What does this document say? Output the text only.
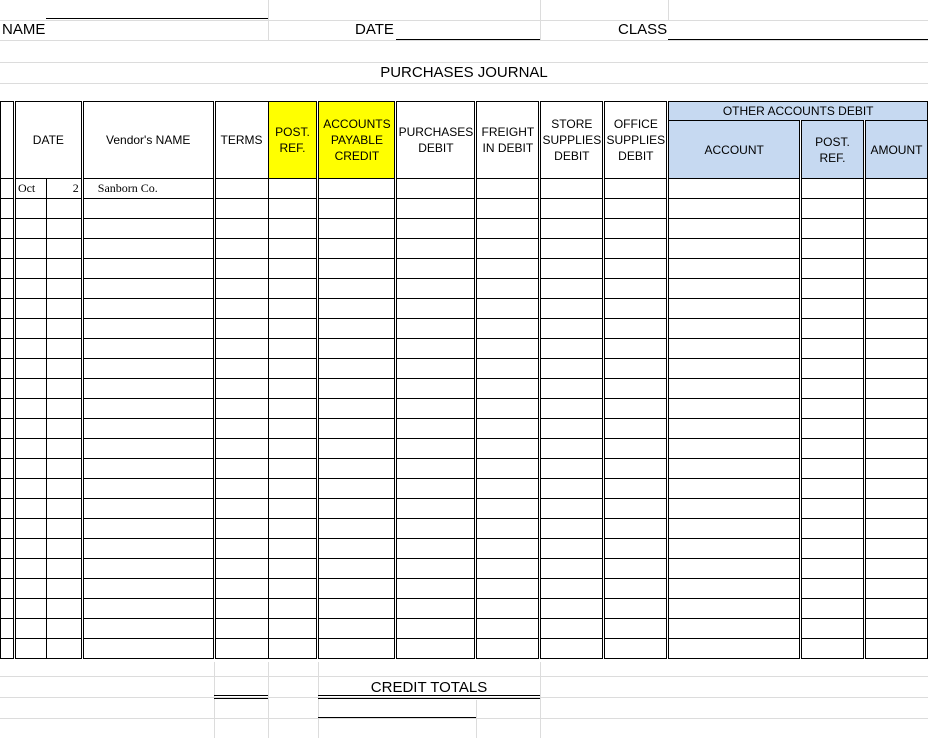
NAME	DATE	CLASS
PURCHASES JOURNAL
	DATE		Vendor's NAME	TERMS	POST. REF.	ACCOUNTS PAYABLE CREDIT	PURCHASES DEBIT	FREIGHT IN DEBIT	STORE SUPPLIES DEBIT	OFFICE SUPPLIES DEBIT	OTHER ACCOUNTS DEBIT		
											ACCOUNT	POST. REF.	AMOUNT
	Oct	2	Sanborn Co.										

CREDIT TOTALS
